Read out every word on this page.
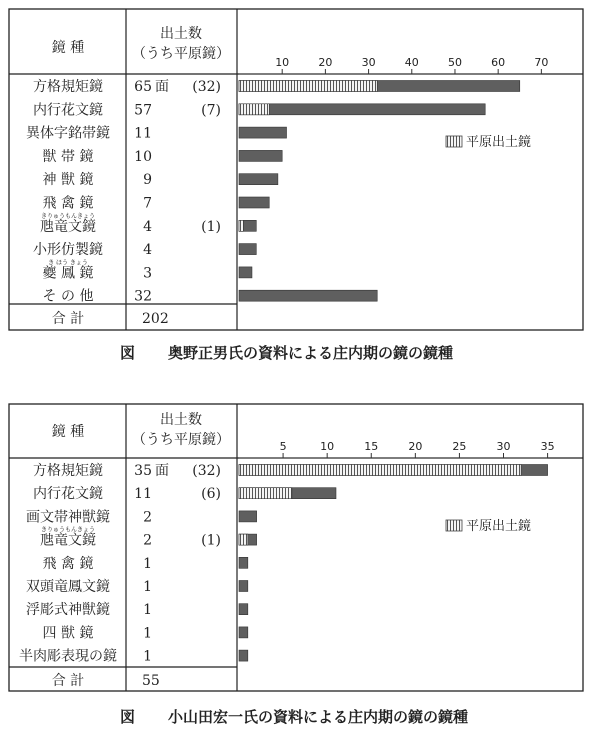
鏡 種
出土数
（うち平原鏡）
方格規矩鏡 65 面 (32)
内行花文鏡 57	(7)
異体字銘帯鏡 11
獣 帯 鏡	10
神 獣 鏡	9
飛 禽 鏡	7
きりゅうもんきょう
虺竜文鏡	4	(1)
小形仿製鏡	4
き ほう きょう
夔 鳳 鏡	3
そ の 他	32
10	20	30	40	50	60	70
合 計	202
平原出土鏡
図 奥野正男氏の資料による庄内期の鏡の鏡種
鏡 種
出土数
（うち平原鏡）
方格規矩鏡 35 面 (32)
内行花文鏡 11	(6)
画文帯神獣鏡 2
きりゅうもんきょう
虺竜文鏡	2	(1)
飛 禽 鏡	1
双頭竜鳳文鏡 1
浮彫式神獣鏡 1
四 獣 鏡	1
半肉彫表現の鏡 1
5	10	15	20	25	30	35
合 計	55
平原出土鏡
図 小山田宏一氏の資料による庄内期の鏡の鏡種
